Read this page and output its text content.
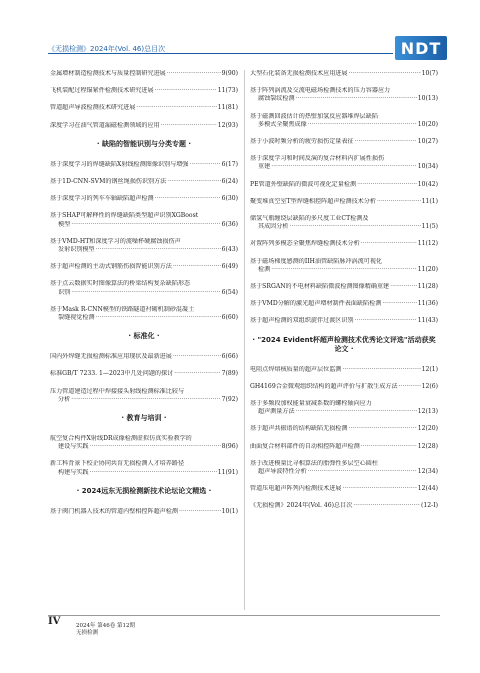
《无损检测》2024年(Vol. 46)总目次	NDT
金属增材制造检测技术与质量控制研究进展 ·····	9(90)
飞机装配过程锚紧件检测技术研究进展 ·····	11(73)
管道超声导波检测技术研究进展 ·····	11(81)
深度学习在油气管道漏磁检测领域的应用 ·····	12(93)
· 缺陷的智能识别与分类专题 ·
基于深度学习的焊缝缺陷X射线检测图像识别与增强 ·····	6(17)
基于1D-CNN-SVM的钢丝绳损伤识别方法 ·····	6(24)
基于深度学习的列车车轴缺陷超声检测 ·····	6(30)
基于SHAP可解释性的焊缝缺陷类型超声识别XGBoost
模型 ·····	6(36)
基于VMD-HT和深度学习的流噪杯硬腐蚀损伤声
发射识别模型 ·····	6(43)
基于超声检测的主动式钢筋伤损智能识别方法 ·····	6(49)
基于点云数据实时图像算法的桥梁结构复杂缺陷形态
识别 ·····	6(54)
基于Mask R-CNN模型的铁路隧道衬砌机制砂混凝土
裂缝视觉检测 ·····	6(60)
· 标准化 ·
国内外焊缝无损检测标准应用现状及最新进展 ·····	6(66)
标准GB/T 7233. 1—2023中几处问题的探讨 ·····	7(89)
压力管道建造过程中焊接接头射线检测标准比较与
分析 ·····	7(92)
· 教育与培训 ·
航空复合构件X射线DR成像检测虚拟仿真实验教学的
建设与实践 ·····	8(96)
新工科背景下校企协同共育无损检测人才培养路径
构建与实践 ·····	11(91)
· 2024远东无损检测新技术论坛论文精选 ·
基于阀门机器人技术的管道内壁相控阵超声检测 ·····	10(1)
大型石化装备无损检测技术应用进展 ·····	10(7)
基于阵列涡流及交流电磁场检测技术的压力容器应力
腐蚀裂纹检测 ·····	10(13)
基于磁测回波估计的热壁加氢反应器堆焊层缺陷
多模式全聚焦成像 ·····	10(20)
基于小波时频分析的疲劳损伤定量表征 ·····	10(27)
基于深度学习和时间反演的复合材料内扩展性损伤
重建 ·····	10(34)
PE管道外壁缺陷的微波可视化定量检测 ·····	10(42)
聚变堆真空室T型焊缝相控阵超声检测技术分析 ·····	11(1)
储氢气瓶缠绕层缺陷的多尺度工业CT检测及
其成因分析 ·····	11(5)
对置阵列多模态全聚焦焊缝检测技术分析 ·····	11(12)
基于磁场梯度感测的IIH油管缺陷脉冲涡流可视化
检测 ·····	11(20)
基于SRGAN的不电材料缺陷微波检测图像精确重建 ·····	11(28)
基于VMD分解的激光超声增材制件表面缺陷检测 ·····	11(36)
基于超声检测的双组织旋伴过渡区识别 ·····	11(43)
· "2024 Evident杯超声检测技术优秀论文评选"活动获奖论文 ·
电阻点焊熔核质量的超声层位监测 ·····	12(1)
GH4169合金微观组织结构的超声评价与扩散生成方法 ·····	12(6)
基于多频段加权能量衰减系数的螺栓轴向应力
超声测量方法 ·····	12(13)
基于超声共振谱的结构缺陷无损检测 ·····	12(20)
曲面复合材料部件的自动相控阵超声检测 ·····	12(28)
基于改进模量比寻相算法的胎弹性多层空心圆柱
超声导波特性分析 ·····	12(34)
管道压电超声阵列内检测技术进展 ·····	12(44)
《无损检测》2024年(Vol. 46)总目次 ·····	(12-I)
IV	2024年 第46卷 第12期
无损检测
